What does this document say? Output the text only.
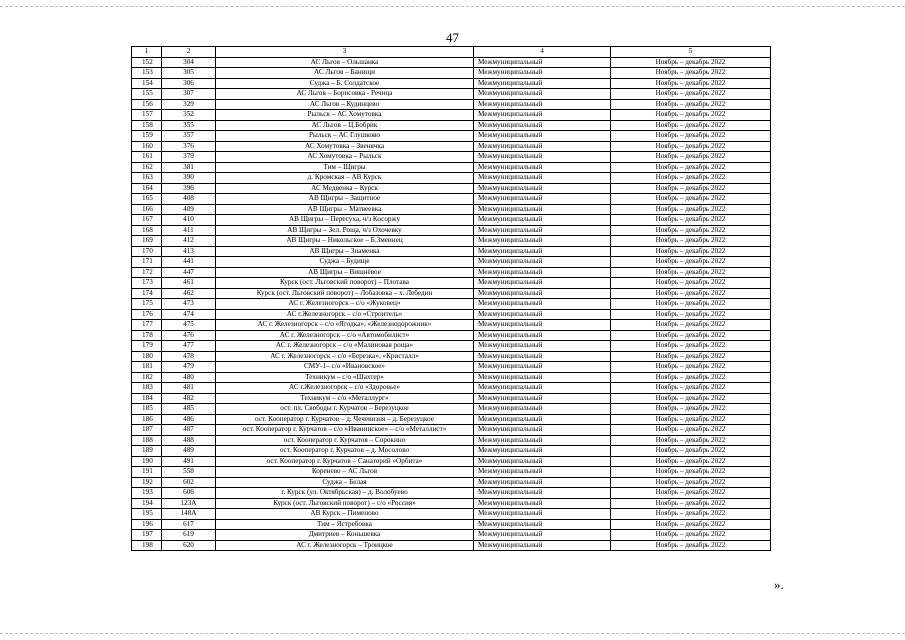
47
1	2	3	4	5
152	304	АС Льгов – Ольшанка	Межмуниципальный	Ноябрь – декабрь 2022
153	305	АС Льгов – Банищи	Межмуниципальный	Ноябрь – декабрь 2022
154	306	Суджа – Б. Солдатское	Межмуниципальный	Ноябрь – декабрь 2022
155	307	АС Льгов – Борисовка - Речица	Межмуниципальный	Ноябрь – декабрь 2022
156	329	АС Льгов – Кудинцево	Межмуниципальный	Ноябрь – декабрь 2022
157	352	Рыльск – АС Хомутовка	Межмуниципальный	Ноябрь – декабрь 2022
158	355	АС Льгов – Ц.Бобрик	Межмуниципальный	Ноябрь – декабрь 2022
159	357	Рыльск – АС Глушково	Межмуниципальный	Ноябрь – декабрь 2022
160	376	АС Хомутовка – Звенячка	Межмуниципальный	Ноябрь – декабрь 2022
161	379	АС Хомутовка – Рыльск	Межмуниципальный	Ноябрь – декабрь 2022
162	381	Тим – Щигры	Межмуниципальный	Ноябрь – декабрь 2022
163	390	д. Кромская – АВ Курск	Межмуниципальный	Ноябрь – декабрь 2022
164	396	АС Медвенка – Курск	Межмуниципальный	Ноябрь – декабрь 2022
165	408	АВ Щигры – Защитное	Межмуниципальный	Ноябрь – декабрь 2022
166	409	АВ Щигры – Матвеевка	Межмуниципальный	Ноябрь – декабрь 2022
167	410	АВ Щигры – Пересуха, ч/з Косоржу	Межмуниципальный	Ноябрь – декабрь 2022
168	411	АВ Щигры – Зел. Роща, ч/з Охочевку	Межмуниципальный	Ноябрь – декабрь 2022
169	412	АВ Щигры – Никольское – Б.Змеинец	Межмуниципальный	Ноябрь – декабрь 2022
170	413	АВ Щигры – Знаменка	Межмуниципальный	Ноябрь – декабрь 2022
171	441	Суджа – Будище	Межмуниципальный	Ноябрь – декабрь 2022
172	447	АВ Щигры – Вишнёвое	Межмуниципальный	Ноябрь – декабрь 2022
173	461	Курск (ост. Льговский поворот) – Плотава	Межмуниципальный	Ноябрь – декабрь 2022
174	462	Курск (ост. Льговский поворот) – Лобазовка – х. Лебедин	Межмуниципальный	Ноябрь – декабрь 2022
175	473	АС г. Железногорск – с/о «Жуковец»	Межмуниципальный	Ноябрь – декабрь 2022
176	474	АС г.Железногорск – с/о «Строитель»	Межмуниципальный	Ноябрь – декабрь 2022
177	475	АС г. Железногорск – с/о «Ягодка», «Железнодорожник»	Межмуниципальный	Ноябрь – декабрь 2022
178	476	АС г. Железногорск – с/о «Автомобилист»	Межмуниципальный	Ноябрь – декабрь 2022
179	477	АС г. Железногорск – с/о «Малиновая роща»	Межмуниципальный	Ноябрь – декабрь 2022
180	478	АС г. Железногорск – с/о «Березка», «Кристалл»	Межмуниципальный	Ноябрь – декабрь 2022
181	479	СМУ-1– с/о «Ивановское»	Межмуниципальный	Ноябрь – декабрь 2022
182	480	Техникум – с/о «Шахтер»	Межмуниципальный	Ноябрь – декабрь 2022
183	481	АС г.Железногорск – с/о «Здоровье»	Межмуниципальный	Ноябрь – декабрь 2022
184	482	Техникум – с/о «Металлург»	Межмуниципальный	Ноябрь – декабрь 2022
185	485	ост. пл. Свободы г. Курчатов – Березуцкое	Межмуниципальный	Ноябрь – декабрь 2022
186	486	ост. Кооператор г. Курчатов – д. Чечевизня – д. Березуцкое	Межмуниципальный	Ноябрь – декабрь 2022
187	487	ост. Кооператор г. Курчатов – с/о «Иванинское» – с/о «Металлист»	Межмуниципальный	Ноябрь – декабрь 2022
188	488	ост. Кооператор г. Курчатов – Сорокино	Межмуниципальный	Ноябрь – декабрь 2022
189	489	ост. Кооператор г. Курчатов – д. Мосолово	Межмуниципальный	Ноябрь – декабрь 2022
190	491	ост. Кооператор г. Курчатов – Санаторий «Орбита»	Межмуниципальный	Ноябрь – декабрь 2022
191	558	Коренево – АС Льгов	Межмуниципальный	Ноябрь – декабрь 2022
192	602	Суджа – Белая	Межмуниципальный	Ноябрь – декабрь 2022
193	606	г. Курск (ул. Октябрьская) – д. Волобуево	Межмуниципальный	Ноябрь – декабрь 2022
194	123А	Курск (ост. Льговский поворот) – с/о «Россия»	Межмуниципальный	Ноябрь – декабрь 2022
195	148А	АВ Курск – Пименово	Межмуниципальный	Ноябрь – декабрь 2022
196	617	Тим – Ястребовка	Межмуниципальный	Ноябрь – декабрь 2022
197	619	Дмитриев – Коньшевка	Межмуниципальный	Ноябрь – декабрь 2022
198	620	АС г. Железногорск – Троицкое	Межмуниципальный	Ноябрь – декабрь 2022
».
